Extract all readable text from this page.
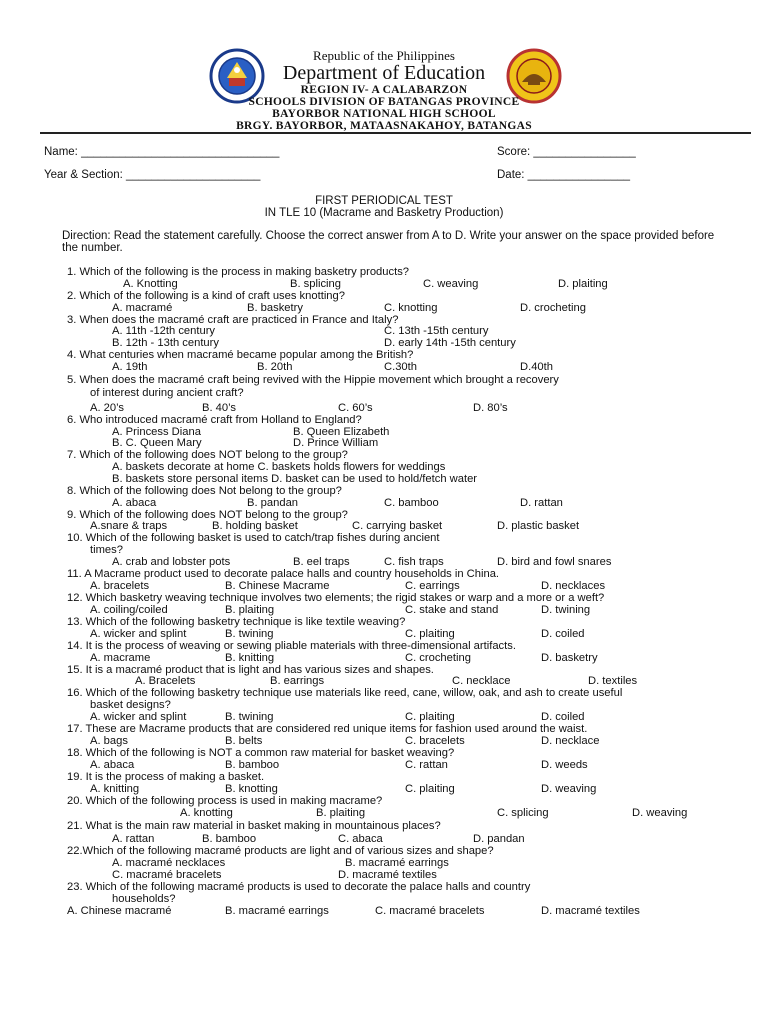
Republic of the Philippines
Department of Education
REGION IV- A CALABARZON
SCHOOLS DIVISION OF BATANGAS PROVINCE
BAYORBOR NATIONAL HIGH SCHOOL
BRGY. BAYORBOR, MATAASNAKAHOY, BATANGAS
Name: _______________________________	Score: ________________
Year & Section: _____________________	Date: ________________
FIRST PERIODICAL TEST
IN TLE 10 (Macrame and Basketry Production)
Direction: Read the statement carefully. Choose the correct answer from A to D. Write your answer on the space provided before the number.
1. Which of the following is the process in making basketry products?
A. Knotting	B. splicing	C. weaving	D. plaiting
2. Which of the following is a kind of craft uses knotting?
A. macramé	B. basketry	C. knotting	D. crocheting
3. When does the macramé craft are practiced in France and Italy?
A. 11th -12th century	C. 13th -15th century
B. 12th - 13th century	D. early 14th -15th century
4. What centuries when macramé became popular among the British?
A. 19th	B. 20th	C.30th	D.40th
5. When does the macramé craft being revived with the Hippie movement which brought a recovery
of interest during ancient craft?
A. 20’s	B. 40’s	C. 60’s	D. 80’s
6. Who introduced macramé craft from Holland to England?
A. Princess Diana	B. Queen Elizabeth
B. C. Queen Mary	D. Prince William
7. Which of the following does NOT belong to the group?
A. baskets decorate at home C. baskets holds flowers for weddings
B. baskets store personal items D. basket can be used to hold/fetch water
8. Which of the following does Not belong to the group?
A. abaca	B. pandan	C. bamboo	D. rattan
9. Which of the following does NOT belong to the group?
A.snare & traps	B. holding basket	C. carrying basket	D. plastic basket
10. Which of the following basket is used to catch/trap fishes during ancient
times?
A. crab and lobster pots	B. eel traps	C. fish traps	D. bird and fowl snares
11. A Macrame product used to decorate palace halls and country households in China.
A. bracelets	B. Chinese Macrame	C. earrings	D. necklaces
12. Which basketry weaving technique involves two elements; the rigid stakes or warp and a more or a weft?
A. coiling/coiled	B. plaiting	C. stake and stand	D. twining
13. Which of the following basketry technique is like textile weaving?
A. wicker and splint	B. twining	C. plaiting	D. coiled
14. It is the process of weaving or sewing pliable materials with three-dimensional artifacts.
A. macrame	B. knitting	C. crocheting	D. basketry
15. It is a macramé product that is light and has various sizes and shapes.
A. Bracelets	B. earrings	C. necklace	D. textiles
16. Which of the following basketry technique use materials like reed, cane, willow, oak, and ash to create useful
basket designs?
A. wicker and splint	B. twining	C. plaiting	D. coiled
17. These are Macrame products that are considered red unique items for fashion used around the waist.
A. bags	B. belts	C. bracelets	D. necklace
18. Which of the following is NOT a common raw material for basket weaving?
A. abaca	B. bamboo	C. rattan	D. weeds
19. It is the process of making a basket.
A. knitting	B. knotting	C. plaiting	D. weaving
20. Which of the following process is used in making macrame?
A. knotting	B. plaiting	C. splicing	D. weaving
21. What is the main raw material in basket making in mountainous places?
A. rattan	B. bamboo	C. abaca	D. pandan
22.Which of the following macramé products are light and of various sizes and shape?
A. macramé necklaces	B. macramé earrings
C. macramé bracelets	D. macramé textiles
23. Which of the following macramé products is used to decorate the palace halls and country
households?
A. Chinese macramé	B. macramé earrings	C. macramé bracelets	D. macramé textiles
